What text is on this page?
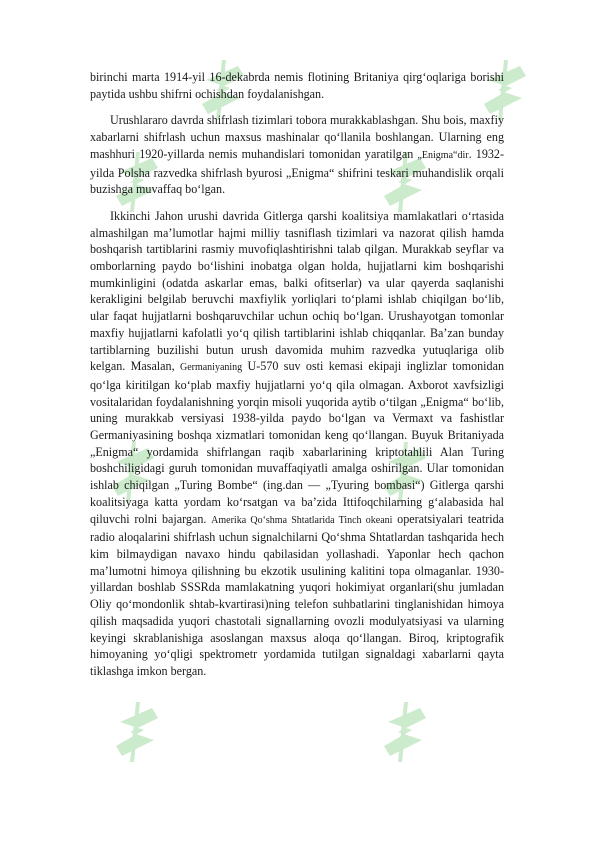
birinchi marta 1914-yil 16-dekabrda nemis flotining Britaniya qirg‘oqlariga borishi paytida ushbu shifrni ochishdan foydalanishgan.

Urushlararo davrda shifrlash tizimlari tobora murakkablashgan. Shu bois, maxfiy xabarlarni shifrlash uchun maxsus mashinalar qo‘llanila boshlangan. Ularning eng mashhuri 1920-yillarda nemis muhandislari tomonidan yaratilgan „Enigma“dir. 1932-yilda Polsha razvedka shifrlash byurosi „Enigma“ shifrini teskari muhandislik orqali buzishga muvaffaq bo‘lgan.

Ikkinchi Jahon urushi davrida Gitlerga qarshi koalitsiya mamlakatlari o‘rtasida almashilgan ma’lumotlar hajmi milliy tasniflash tizimlari va nazorat qilish hamda boshqarish tartiblarini rasmiy muvofiqlashtirishni talab qilgan. Murakkab seyflar va omborlarning paydo bo‘lishini inobatga olgan holda, hujjatlarni kim boshqarishi mumkinligini (odatda askarlar emas, balki ofitserlar) va ular qayerda saqlanishi kerakligini belgilab beruvchi maxfiylik yorliqlari to‘plami ishlab chiqilgan bo‘lib, ular faqat hujjatlarni boshqaruvchilar uchun ochiq bo‘lgan. Urushayotgan tomonlar maxfiy hujjatlarni kafolatli yo‘q qilish tartiblarini ishlab chiqqanlar. Ba’zan bunday tartiblarning buzilishi butun urush davomida muhim razvedka yutuqlariga olib kelgan. Masalan, Germaniyaning U-570 suv osti kemasi ekipaji inglizlar tomonidan qo‘lga kiritilgan ko‘plab maxfiy hujjatlarni yo‘q qila olmagan. Axborot xavfsizligi vositalaridan foydalanishning yorqin misoli yuqorida aytib o‘tilgan „Enigma“ bo‘lib, uning murakkab versiyasi 1938-yilda paydo bo‘lgan va Vermaxt va fashistlar Germaniyasining boshqa xizmatlari tomonidan keng qo‘llangan. Buyuk Britaniyada „Enigma“ yordamida shifrlangan raqib xabarlarining kriptotahlili Alan Turing boshchiligidagi guruh tomonidan muvaffaqiyatli amalga oshirilgan. Ular tomonidan ishlab chiqilgan „Turing Bombe“ (ing.dan — „Tyuring bombasi“) Gitlerga qarshi koalitsiyaga katta yordam ko‘rsatgan va ba’zida Ittifoqchilarning g‘alabasida hal qiluvchi rolni bajargan. Amerika Qo‘shma Shtatlarida Tinch okeani operatsiyalari teatrida radio aloqalarini shifrlash uchun signalchilarni Qo‘shma Shtatlardan tashqarida hech kim bilmaydigan navaxo hindu qabilasidan yollashadi. Yaponlar hech qachon ma’lumotni himoya qilishning bu ekzotik usulining kalitini topa olmaganlar. 1930-yillardan boshlab SSSRda mamlakatning yuqori hokimiyat organlari(shu jumladan Oliy qo‘mondonlik shtab-kvartirasi)ning telefon suhbatlarini tinglanishidan himoya qilish maqsadida yuqori chastotali signallarning ovozli modulyatsiyasi va ularning keyingi skrablanishiga asoslangan maxsus aloqa qo‘llangan. Biroq, kriptografik himoyaning yo‘qligi spektrometr yordamida tutilgan signaldagi xabarlarni qayta tiklashga imkon bergan.
